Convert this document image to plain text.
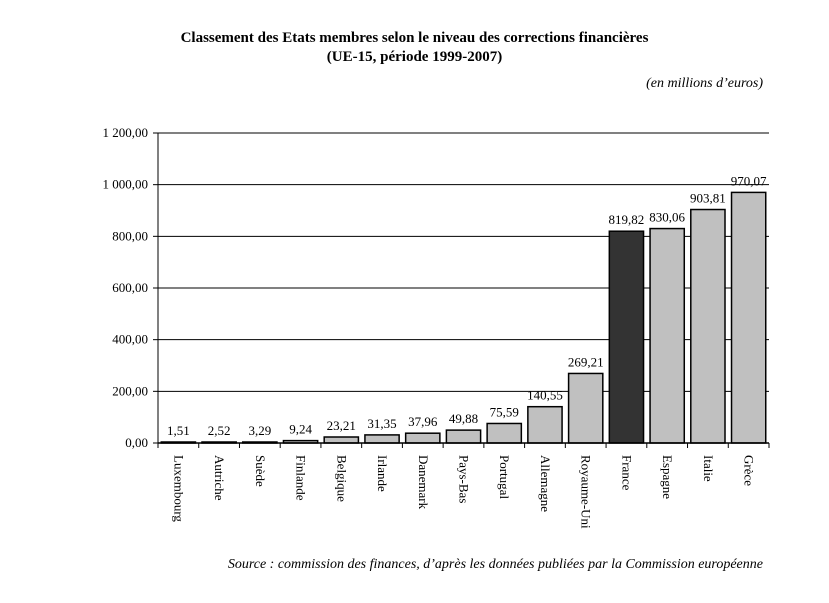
Classement des Etats membres selon le niveau des corrections financières
(UE-15, période 1999-2007)
(en millions d’euros)
0,00
200,00
400,00
600,00
800,00
1 000,00
1 200,00
1,51
Luxembourg
2,52
Autriche
3,29
Suède
9,24
Finlande
23,21
Belgique
31,35
Irlande
37,96
Danemark
49,88
Pays-Bas
75,59
Portugal
140,55
Allemagne
269,21
Royaume-Uni
819,82
France
830,06
Espagne
903,81
Italie
970,07
Grèce
Source : commission des finances, d’après les données publiées par la Commission européenne
